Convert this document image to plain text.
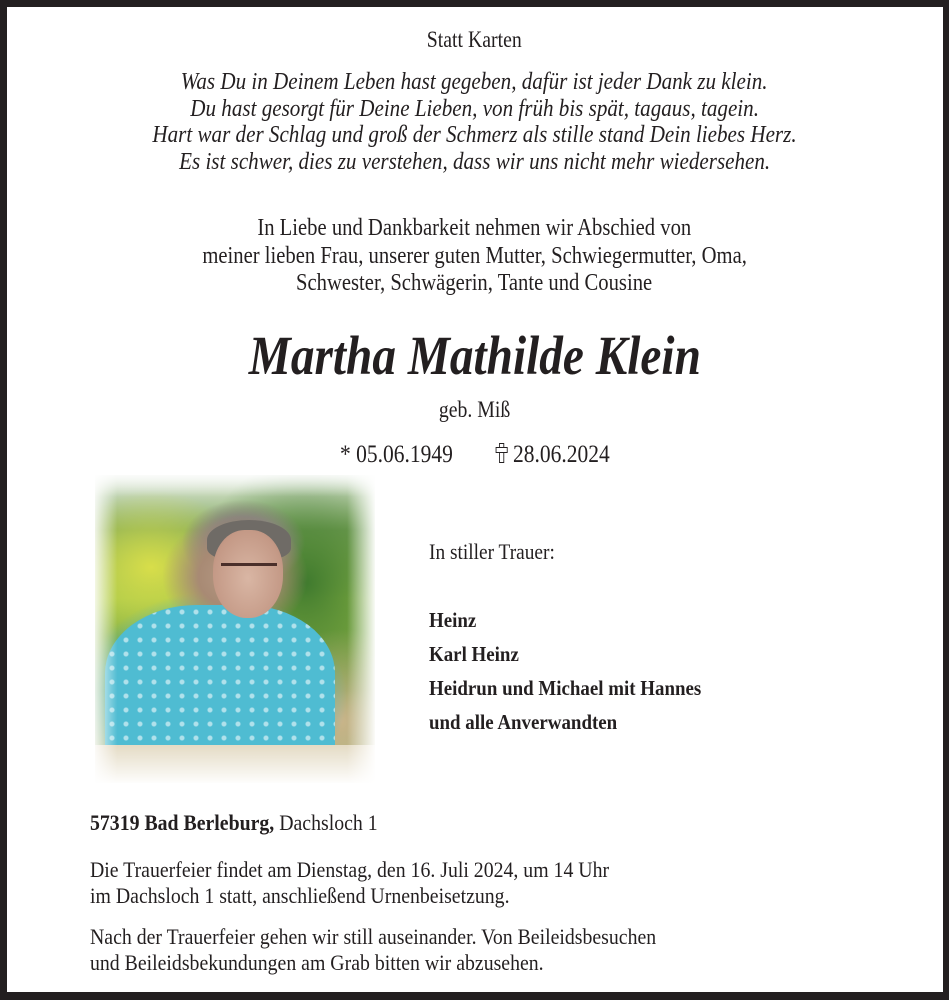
Statt Karten
Was Du in Deinem Leben hast gegeben, dafür ist jeder Dank zu klein.
Du hast gesorgt für Deine Lieben, von früh bis spät, tagaus, tagein.
Hart war der Schlag und groß der Schmerz als stille stand Dein liebes Herz.
Es ist schwer, dies zu verstehen, dass wir uns nicht mehr wiedersehen.
In Liebe und Dankbarkeit nehmen wir Abschied von
meiner lieben Frau, unserer guten Mutter, Schwiegermutter, Oma,
Schwester, Schwägerin, Tante und Cousine
Martha Mathilde Klein
geb. Miß
* 05.06.1949 28.06.2024
In stiller Trauer:
Heinz
Karl Heinz
Heidrun und Michael mit Hannes
und alle Anverwandten
57319 Bad Berleburg, Dachsloch 1
Die Trauerfeier findet am Dienstag, den 16. Juli 2024, um 14 Uhr
im Dachsloch 1 statt, anschließend Urnenbeisetzung.
Nach der Trauerfeier gehen wir still auseinander. Von Beileidsbesuchen
und Beileidsbekundungen am Grab bitten wir abzusehen.
